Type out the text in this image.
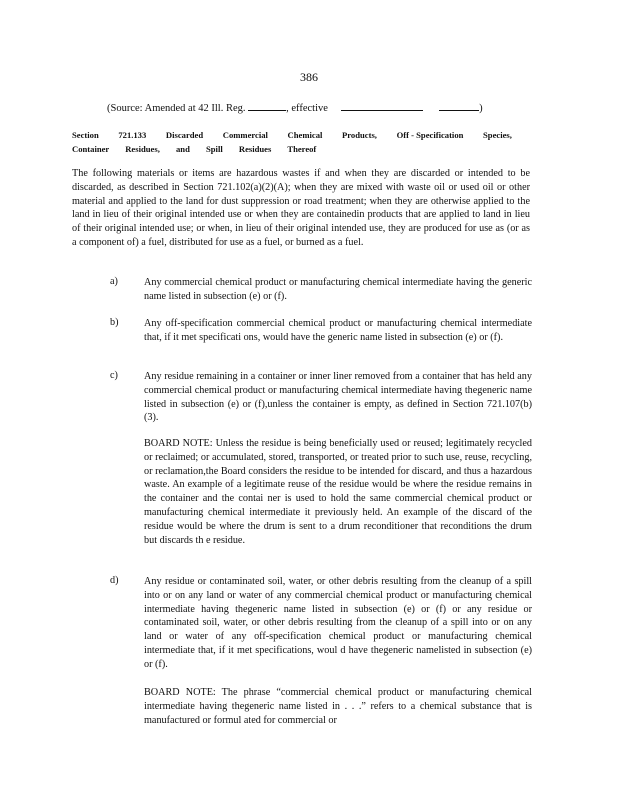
386
(Source: Amended at 42 Ill. Reg.	, effective	)
Section 721.133 Discarded Commercial Chemical Products, Off - Specification Species,
Container Residues, and Spill Residues Thereof

The following materials or items are hazardous wastes if and when they are discarded or intended to be discarded, as described in Section 721.102(a)(2)(A); when they are mixed with waste oil or used oil or other material and applied to the land for dust suppression or road treatment; when they are otherwise applied to the land in lieu of their original intended use or when they are containedin products that are applied to land in lieu of their original intended use; or when, in lieu of their original intended use, they are produced for use as (or as a component of) a fuel, distributed for use as a fuel, or burned as a fuel.

a)	Any commercial chemical product or manufacturing chemical intermediate having the generic name listed in subsection (e) or (f).

b)	Any off-specification commercial chemical product or manufacturing chemical intermediate that, if it met specificati ons, would have the generic name listed in subsection (e) or (f).

c)	Any residue remaining in a container or inner liner removed from a container that has held any commercial chemical product or manufacturing chemical intermediate having thegeneric name listed in subsection (e) or (f),unless the container is empty, as defined in Section 721.107(b)(3).

BOARD NOTE: Unless the residue is being beneficially used or reused; legitimately recycled or reclaimed; or accumulated, stored, transported, or treated prior to such use, reuse, recycling, or reclamation,the Board considers the residue to be intended for discard, and thus a hazardous waste. An example of a legitimate reuse of the residue would be where the residue remains in the container and the contai ner is used to hold the same commercial chemical product or manufacturing chemical intermediate it previously held. An example of the discard of the residue would be where the drum is sent to a drum reconditioner that reconditions the drum but discards th e residue.

d)	Any residue or contaminated soil, water, or other debris resulting from the cleanup of a spill into or on any land or water of any commercial chemical product or manufacturing chemical intermediate having thegeneric name listed in subsection (e) or (f) or any residue or contaminated soil, water, or other debris resulting from the cleanup of a spill into or on any land or water of any off-specification chemical product or manufacturing chemical intermediate that, if it met specifications, woul d have thegeneric namelisted in subsection (e) or (f).

BOARD NOTE: The phrase “commercial chemical product or manufacturing chemical intermediate having thegeneric name listed in . . .” refers to a chemical substance that is manufactured or formul ated for commercial or
